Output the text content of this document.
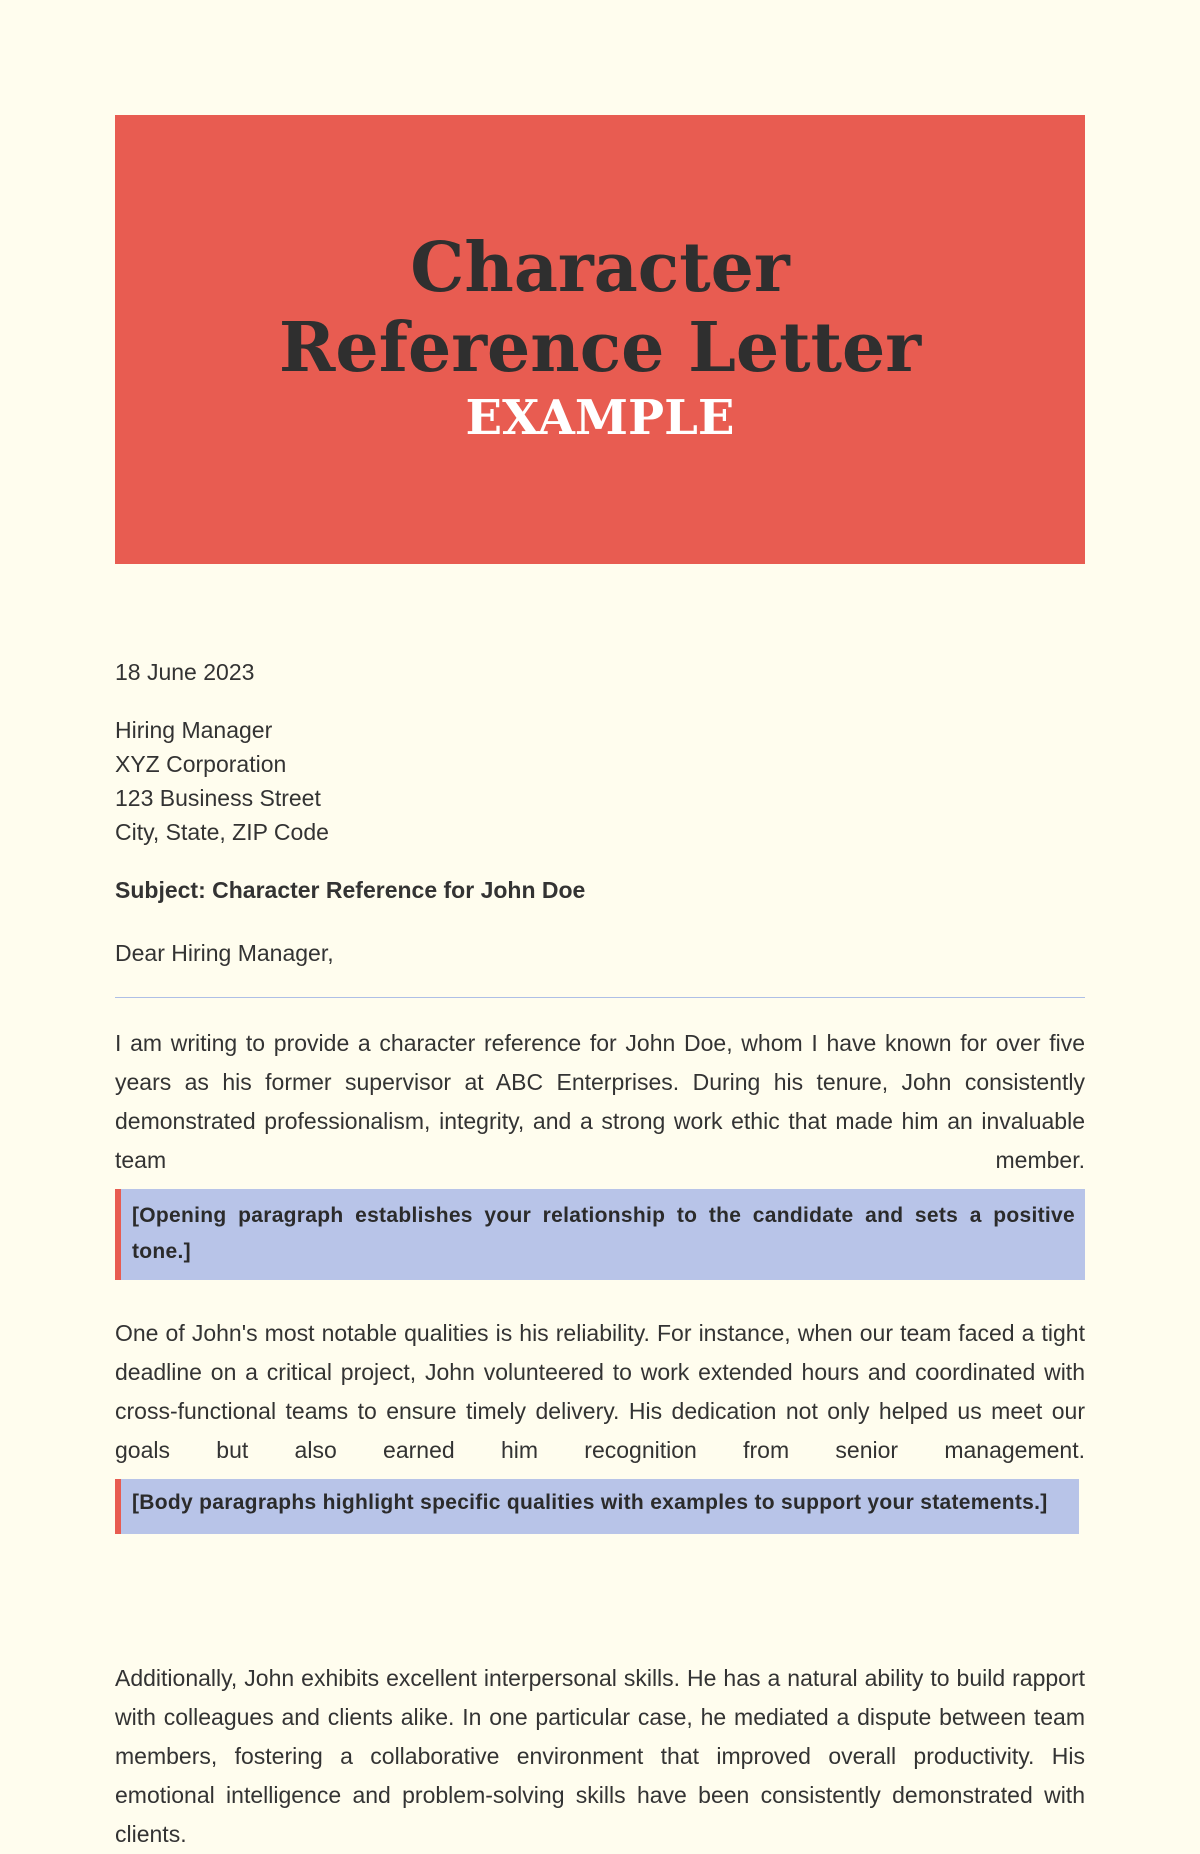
Character
Reference Letter
EXAMPLE
18 June 2023
Hiring Manager
XYZ Corporation
123 Business Street
City, State, ZIP Code
Subject: Character Reference for John Doe
Dear Hiring Manager,

I am writing to provide a character reference for John Doe, whom I have known for over five years as his former supervisor at ABC Enterprises. During his tenure, John consistently demonstrated professionalism, integrity, and a strong work ethic that made him an invaluable team member.

[Opening paragraph establishes your relationship to the candidate and sets a positive tone.]

One of John's most notable qualities is his reliability. For instance, when our team faced a tight deadline on a critical project, John volunteered to work extended hours and coordinated with cross-functional teams to ensure timely delivery. His dedication not only helped us meet our goals but also earned him recognition from senior management.

[Body paragraphs highlight specific qualities with examples to support your statements.]

Additionally, John exhibits excellent interpersonal skills. He has a natural ability to build rapport with colleagues and clients alike. In one particular case, he mediated a dispute between team members, fostering a collaborative environment that improved overall productivity. His emotional intelligence and problem-solving skills have been consistently demonstrated with clients.
